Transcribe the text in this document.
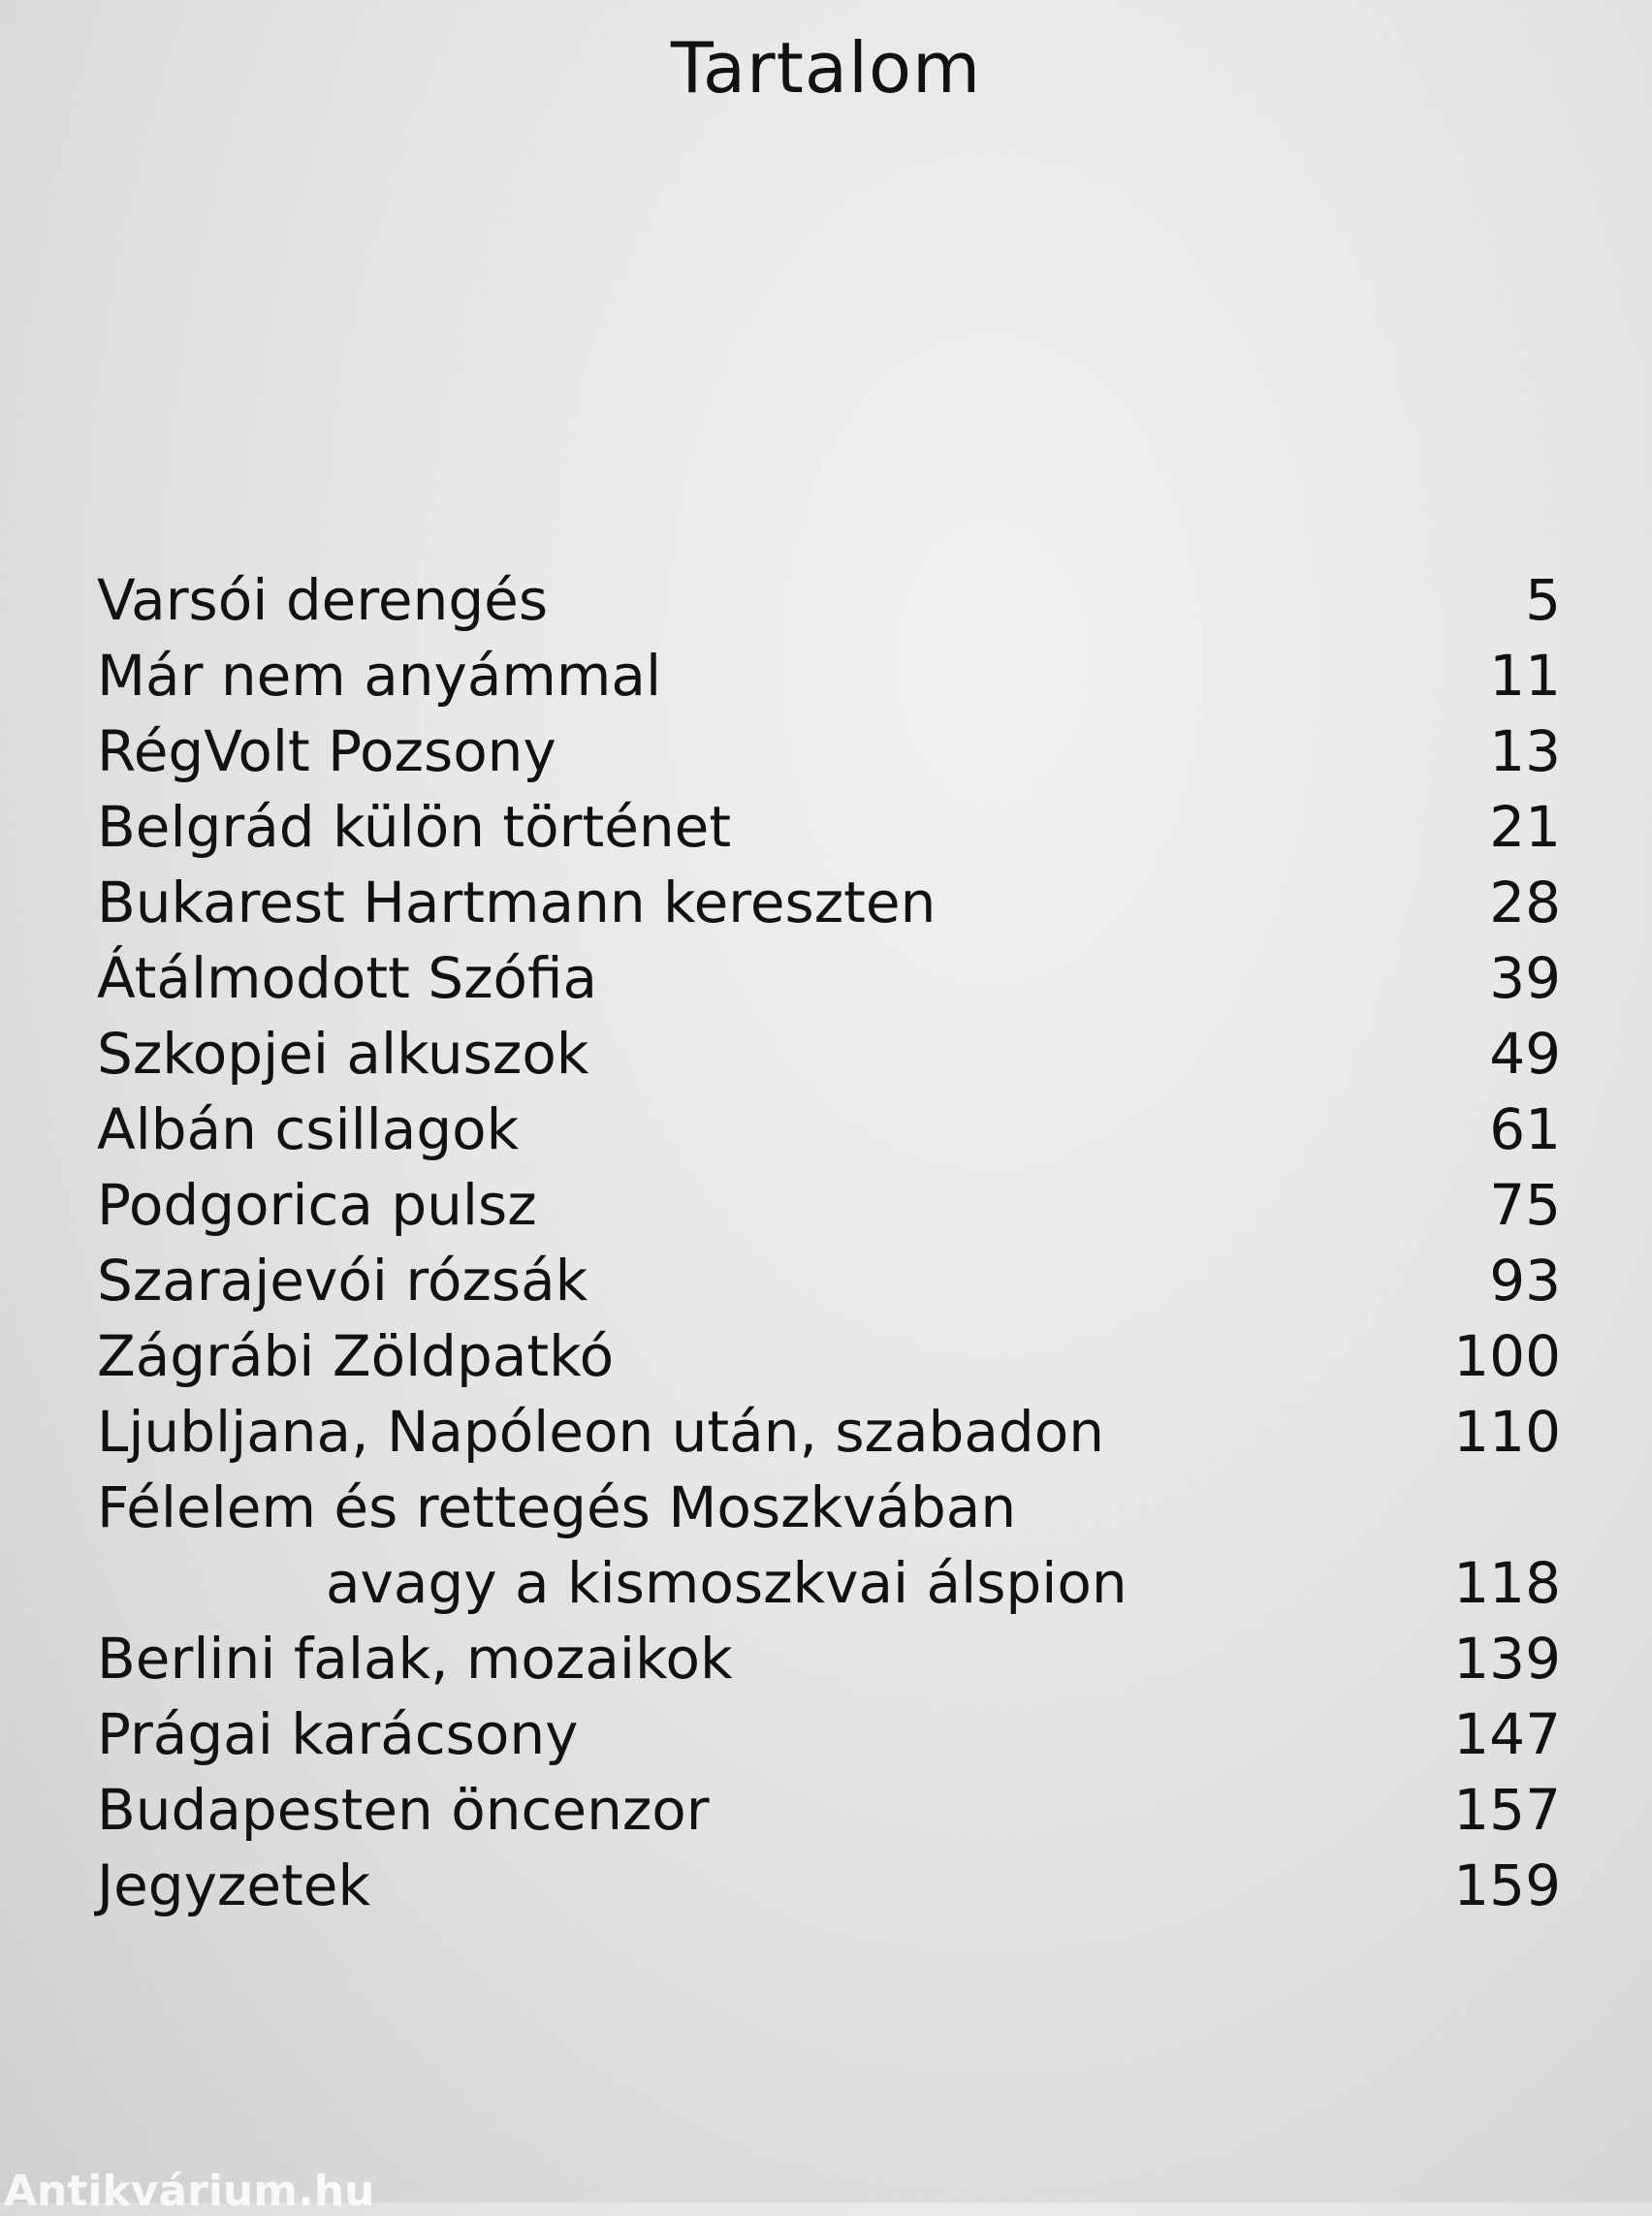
Tartalom
Varsói derengés	5
Már nem anyámmal	11
RégVolt Pozsony	13
Belgrád külön történet	21
Bukarest Hartmann kereszten	28
Átálmodott Szófia	39
Szkopjei alkuszok	49
Albán csillagok	61
Podgorica pulsz	75
Szarajevói rózsák	93
Zágrábi Zöldpatkó	100
Ljubljana, Napóleon után, szabadon	110
Félelem és rettegés Moszkvában
avagy a kismoszkvai álspion	118
Berlini falak, mozaikok	139
Prágai karácsony	147
Budapesten öncenzor	157
Jegyzetek	159
Antikvárium.hu
